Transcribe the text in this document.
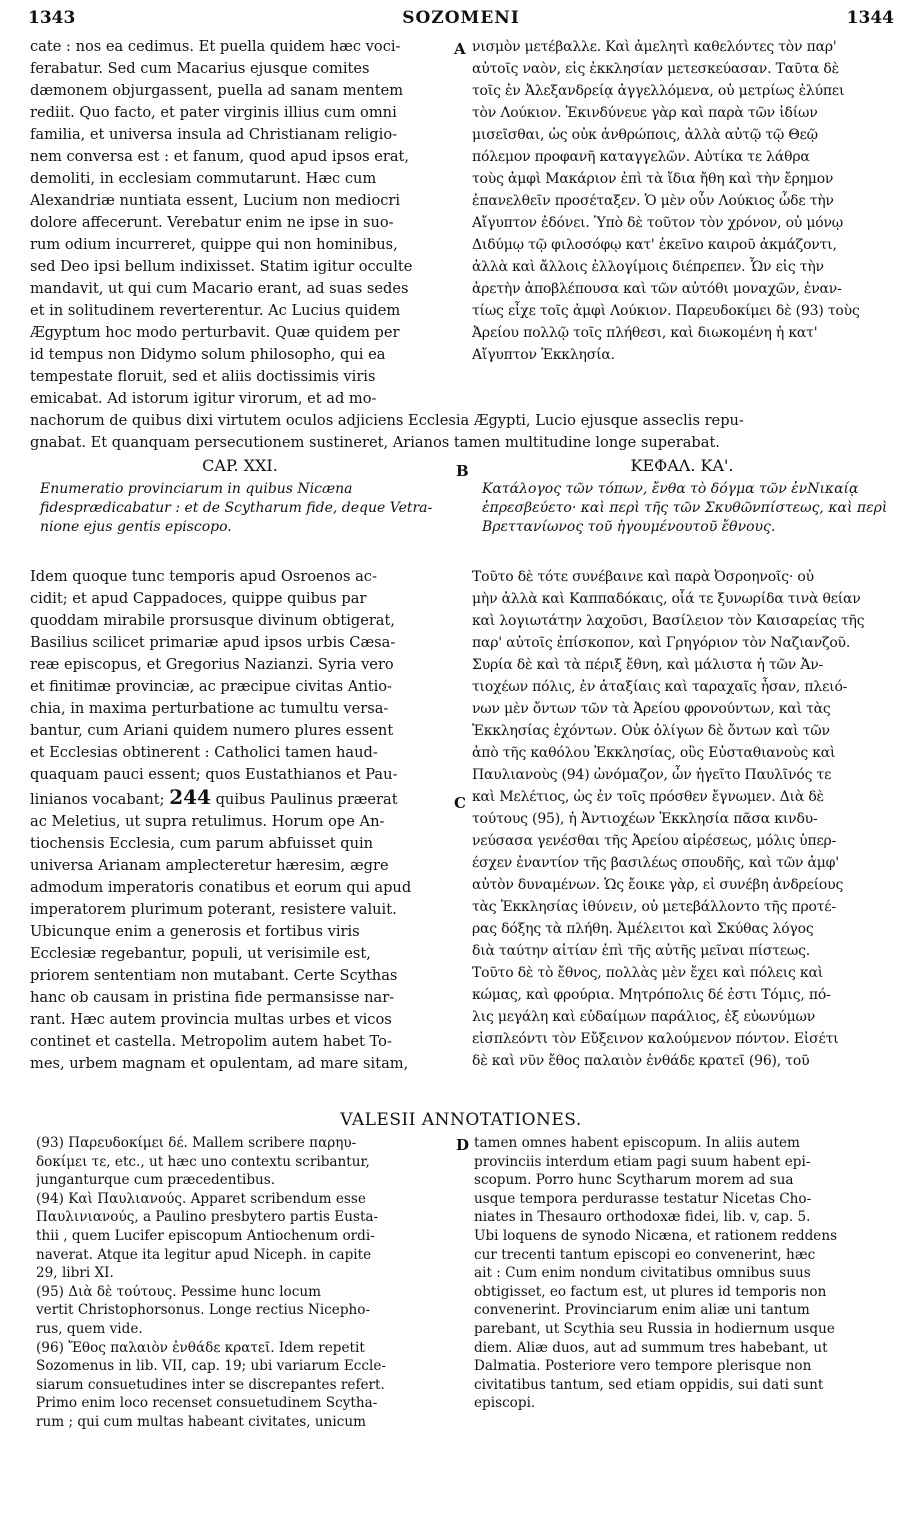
1343	SOZOMENI	1344
cate : nos ea cedimus. Et puella quidem hæc voci-
ferabatur. Sed cum Macarius ejusque comites
dæmonem objurgassent, puella ad sanam mentem
rediit. Quo facto, et pater virginis illius cum omni
familia, et universa insula ad Christianam religio-
nem conversa est : et fanum, quod apud ipsos erat,
demoliti, in ecclesiam commutarunt. Hæc cum
Alexandriæ nuntiata essent, Lucium non mediocri
dolore affecerunt. Verebatur enim ne ipse in suo-
rum odium incurreret, quippe qui non hominibus,
sed Deo ipsi bellum indixisset. Statim igitur occulte
mandavit, ut qui cum Macario erant, ad suas sedes
et in solitudinem reverterentur. Ac Lucius quidem
Ægyptum hoc modo perturbavit. Quæ quidem per
id tempus non Didymo solum philosopho, qui ea
tempestate floruit, sed et aliis doctissimis viris
A νισμὸν μετέβαλλε. Καὶ ἀμελητὶ καθελόντες τὸν παρ'
αὐτοῖς ναὸν, εἰς ἐκκλησίαν μετεσκεύασαν. Ταῦτα δὲ
τοῖς ἐν Ἀλεξανδρείᾳ ἀγγελλόμενα, οὐ μετρίως ἐλύπει
τὸν Λούκιον. Ἐκινδύνευε γὰρ καὶ παρὰ τῶν ἰδίων
μισεῖσθαι, ὡς οὐκ ἀνθρώποις, ἀλλὰ αὐτῷ τῷ Θεῷ
πόλεμον προφανῆ καταγγελῶν. Αὐτίκα τε λάθρα
τοὺς ἀμφὶ Μακάριον ἐπὶ τὰ ἴδια ἤθη καὶ τὴν ἔρημον
ἐπανελθεῖν προσέταξεν. Ὁ μὲν οὖν Λούκιος ὧδε τὴν
Αἴγυπτον ἐδόνει. Ὑπὸ δὲ τοῦτον τὸν χρόνον, οὐ μόνῳ
Διδύμῳ τῷ φιλοσόφῳ κατ' ἐκεῖνο καιροῦ ἀκμάζοντι,
ἀλλὰ καὶ ἄλλοις ἐλλογίμοις διέπρεπεν. Ὧν εἰς τὴν
ἀρετὴν ἀποβλέπουσα καὶ τῶν αὐτόθι μοναχῶν, ἐναν-
τίως εἶχε τοῖς ἀμφὶ Λούκιον. Παρευδοκίμει δὲ (93) τοὺς
Ἀρείου πολλῷ τοῖς πλήθεσι, καὶ διωκομένη ἡ κατ'
Αἴγυπτον Ἐκκλησία.
emicabat. Ad istorum igitur virorum, et ad mo-
nachorum de quibus dixi virtutem oculos adjiciens Ecclesia Ægypti, Lucio ejusque asseclis repu-
gnabat. Et quanquam persecutionem sustineret, Arianos tamen multitudine longe superabat.
CAP. XXI.	B	ΚΕΦΑΛ. ΚΑ'.
Enumeratio provinciarum in quibus Nicæna fidesprædicabatur : et de Scytharum fide, deque Vetra-nione ejus gentis episcopo.
Κατάλογος τῶν τόπων, ἔνθα τὸ δόγμα τῶν ἐνΝικαίᾳ ἐπρεσβεύετο· καὶ περὶ τῆς τῶν Σκυθῶνπίστεως, καὶ περὶ Βρεττανίωνος τοῦ ἡγουμένουτοῦ ἔθνους.
Idem quoque tunc temporis apud Osroenos ac-
cidit; et apud Cappadoces, quippe quibus par
quoddam mirabile prorsusque divinum obtigerat,
Basilius scilicet primariæ apud ipsos urbis Cæsa-
reæ episcopus, et Gregorius Nazianzi. Syria vero
et finitimæ provinciæ, ac præcipue civitas Antio-
chia, in maxima perturbatione ac tumultu versa-
bantur, cum Ariani quidem numero plures essent
et Ecclesias obtinerent : Catholici tamen haud-
quaquam pauci essent; quos Eustathianos et Pau-
linianos vocabant; 244 quibus Paulinus præerat
ac Meletius, ut supra retulimus. Horum ope An-
tiochensis Ecclesia, cum parum abfuisset quin
universa Arianam amplecteretur hæresim, ægre
admodum imperatoris conatibus et eorum qui apud
imperatorem plurimum poterant, resistere valuit.
Ubicunque enim a generosis et fortibus viris
Ecclesiæ regebantur, populi, ut verisimile est,
priorem sententiam non mutabant. Certe Scythas
hanc ob causam in pristina fide permansisse nar-
rant. Hæc autem provincia multas urbes et vicos
continet et castella. Metropolim autem habet To-
mes, urbem magnam et opulentam, ad mare sitam,
C
Τοῦτο δὲ τότε συνέβαινε καὶ παρὰ Ὀσροηνοῖς· οὐ
μὴν ἀλλὰ καὶ Καππαδόκαις, οἷά τε ξυνωρίδα τινὰ θείαν
καὶ λογιωτάτην λαχοῦσι, Βασίλειον τὸν Καισαρείας τῆς
παρ' αὐτοῖς ἐπίσκοπον, καὶ Γρηγόριον τὸν Ναζιανζοῦ.
Συρία δὲ καὶ τὰ πέριξ ἔθνη, καὶ μάλιστα ἡ τῶν Ἀν-
τιοχέων πόλις, ἐν ἀταξίαις καὶ ταραχαῖς ἦσαν, πλειό-
νων μὲν ὄντων τῶν τὰ Ἀρείου φρονούντων, καὶ τὰς
Ἐκκλησίας ἐχόντων. Οὐκ ὀλίγων δὲ ὄντων καὶ τῶν
ἀπὸ τῆς καθόλου Ἐκκλησίας, οὓς Εὐσταθιανοὺς καὶ
Παυλιανοὺς (94) ὠνόμαζον, ὧν ἡγεῖτο Παυλῖνός τε
καὶ Μελέτιος, ὡς ἐν τοῖς πρόσθεν ἔγνωμεν. Διὰ δὲ
τούτους (95), ἡ Ἀντιοχέων Ἐκκλησία πᾶσα κινδυ-
νεύσασα γενέσθαι τῆς Ἀρείου αἱρέσεως, μόλις ὑπερ-
έσχεν ἐναντίον τῆς βασιλέως σπουδῆς, καὶ τῶν ἀμφ'
αὐτὸν δυναμένων. Ὡς ἔοικε γὰρ, εἰ συνέβη ἀνδρείους
τὰς Ἐκκλησίας ἰθύνειν, οὐ μετεβάλλοντο τῆς προτέ-
ρας δόξης τὰ πλήθη. Ἀμέλειτοι καὶ Σκύθας λόγος
διὰ ταύτην αἰτίαν ἐπὶ τῆς αὐτῆς μεῖναι πίστεως.
Τοῦτο δὲ τὸ ἔθνος, πολλὰς μὲν ἔχει καὶ πόλεις καὶ
κώμας, καὶ φρούρια. Μητρόπολις δέ ἐστι Τόμις, πό-
λις μεγάλη καὶ εὐδαίμων παράλιος, ἐξ εὐωνύμων
εἰσπλεόντι τὸν Εὔξεινον καλούμενον πόντον. Εἰσέτι
δὲ καὶ νῦν ἔθος παλαιὸν ἐνθάδε κρατεῖ (96), τοῦ
VALESII ANNOTATIONES.
(93) Παρευδοκίμει δέ. Mallem scribere παρηυ-
δοκίμει τε, etc., ut hæc uno contextu scribantur,
junganturque cum præcedentibus.
(94) Καὶ Παυλιανούς. Apparet scribendum esse
Παυλινιανούς, a Paulino presbytero partis Eusta-
thii , quem Lucifer episcopum Antiochenum ordi-
naverat. Atque ita legitur apud Niceph. in capite
29, libri XI.
(95) Διὰ δὲ τούτους. Pessime hunc locum
vertit Christophorsonus. Longe rectius Nicepho-
rus, quem vide.
(96) Ἔθος παλαιὸν ἐνθάδε κρατεῖ. Idem repetit
Sozomenus in lib. VII, cap. 19; ubi variarum Eccle-
siarum consuetudines inter se discrepantes refert.
Primo enim loco recenset consuetudinem Scytha-
rum ; qui cum multas habeant civitates, unicum
D tamen omnes habent episcopum. In aliis autem
provinciis interdum etiam pagi suum habent epi-
scopum. Porro hunc Scytharum morem ad sua
usque tempora perdurasse testatur Nicetas Cho-
niates in Thesauro orthodoxæ fidei, lib. v, cap. 5.
Ubi loquens de synodo Nicæna, et rationem reddens
cur trecenti tantum episcopi eo convenerint, hæc
ait : Cum enim nondum civitatibus omnibus suus
obtigisset, eo factum est, ut plures id temporis non
convenerint. Provinciarum enim aliæ uni tantum
parebant, ut Scythia seu Russia in hodiernum usque
diem. Aliæ duos, aut ad summum tres habebant, ut
Dalmatia. Posteriore vero tempore plerisque non
civitatibus tantum, sed etiam oppidis, sui dati sunt
episcopi.
